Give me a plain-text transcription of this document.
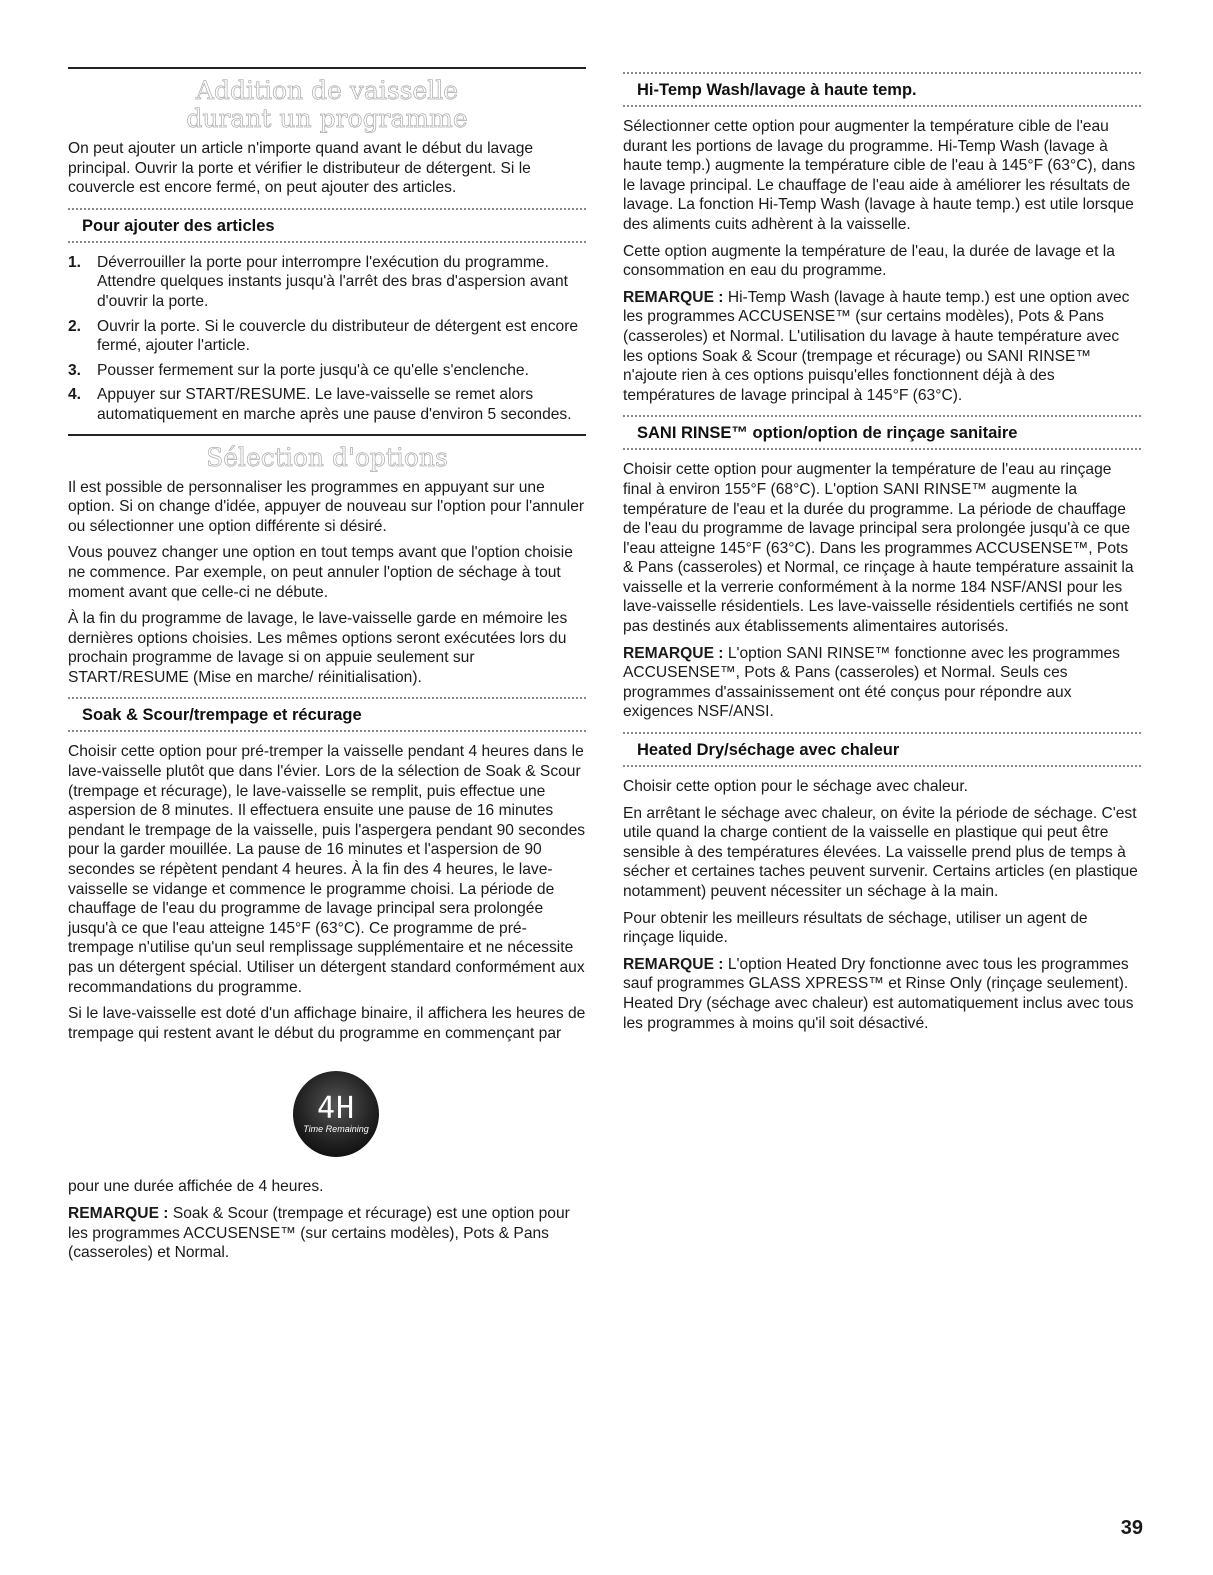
Addition de vaisselle
durant un programme

On peut ajouter un article n'importe quand avant le début du lavage principal. Ouvrir la porte et vérifier le distributeur de détergent. Si le couvercle est encore fermé, on peut ajouter des articles.

Pour ajouter des articles
1.	Déverrouiller la porte pour interrompre l'exécution du programme. Attendre quelques instants jusqu'à l'arrêt des bras d'aspersion avant d'ouvrir la porte.
2.	Ouvrir la porte. Si le couvercle du distributeur de détergent est encore fermé, ajouter l'article.
3.	Pousser fermement sur la porte jusqu'à ce qu'elle s'enclenche.
4.	Appuyer sur START/RESUME. Le lave-vaisselle se remet alors automatiquement en marche après une pause d'environ 5 secondes.
Sélection d'options

Il est possible de personnaliser les programmes en appuyant sur une option. Si on change d'idée, appuyer de nouveau sur l'option pour l'annuler ou sélectionner une option différente si désiré.

Vous pouvez changer une option en tout temps avant que l'option choisie ne commence. Par exemple, on peut annuler l'option de séchage à tout moment avant que celle-ci ne débute.

À la fin du programme de lavage, le lave-vaisselle garde en mémoire les dernières options choisies. Les mêmes options seront exécutées lors du prochain programme de lavage si on appuie seulement sur START/RESUME (Mise en marche/ réinitialisation).

Soak & Scour/trempage et récurage

Choisir cette option pour pré-tremper la vaisselle pendant 4 heures dans le lave-vaisselle plutôt que dans l'évier. Lors de la sélection de Soak & Scour (trempage et récurage), le lave-vaisselle se remplit, puis effectue une aspersion de 8 minutes. Il effectuera ensuite une pause de 16 minutes pendant le trempage de la vaisselle, puis l'aspergera pendant 90 secondes pour la garder mouillée. La pause de 16 minutes et l'aspersion de 90 secondes se répètent pendant 4 heures. À la fin des 4 heures, le lave-vaisselle se vidange et commence le programme choisi. La période de chauffage de l'eau du programme de lavage principal sera prolongée jusqu'à ce que l'eau atteigne 145°F (63°C). Ce programme de pré-trempage n'utilise qu'un seul remplissage supplémentaire et ne nécessite pas un détergent spécial. Utiliser un détergent standard conformément aux recommandations du programme.

Si le lave-vaisselle est doté d'un affichage binaire, il affichera les heures de trempage qui restent avant le début du programme en commençant par

4H
Time Remaining

pour une durée affichée de 4 heures.

REMARQUE : Soak & Scour (trempage et récurage) est une option pour les programmes ACCUSENSE™ (sur certains modèles), Pots & Pans (casseroles) et Normal.

Hi-Temp Wash/lavage à haute temp.

Sélectionner cette option pour augmenter la température cible de l'eau durant les portions de lavage du programme. Hi-Temp Wash (lavage à haute temp.) augmente la température cible de l'eau à 145°F (63°C), dans le lavage principal. Le chauffage de l'eau aide à améliorer les résultats de lavage. La fonction Hi-Temp Wash (lavage à haute temp.) est utile lorsque des aliments cuits adhèrent à la vaisselle.

Cette option augmente la température de l'eau, la durée de lavage et la consommation en eau du programme.

REMARQUE : Hi-Temp Wash (lavage à haute temp.) est une option avec les programmes ACCUSENSE™ (sur certains modèles), Pots & Pans (casseroles) et Normal. L'utilisation du lavage à haute température avec les options Soak & Scour (trempage et récurage) ou SANI RINSE™ n'ajoute rien à ces options puisqu'elles fonctionnent déjà à des températures de lavage principal à 145°F (63°C).

SANI RINSE™ option/option de rinçage sanitaire

Choisir cette option pour augmenter la température de l'eau au rinçage final à environ 155°F (68°C). L'option SANI RINSE™ augmente la température de l'eau et la durée du programme. La période de chauffage de l'eau du programme de lavage principal sera prolongée jusqu'à ce que l'eau atteigne 145°F (63°C). Dans les programmes ACCUSENSE™, Pots & Pans (casseroles) et Normal, ce rinçage à haute température assainit la vaisselle et la verrerie conformément à la norme 184 NSF/ANSI pour les lave-vaisselle résidentiels. Les lave-vaisselle résidentiels certifiés ne sont pas destinés aux établissements alimentaires autorisés.

REMARQUE : L'option SANI RINSE™ fonctionne avec les programmes ACCUSENSE™, Pots & Pans (casseroles) et Normal. Seuls ces programmes d'assainissement ont été conçus pour répondre aux exigences NSF/ANSI.

Heated Dry/séchage avec chaleur

Choisir cette option pour le séchage avec chaleur.

En arrêtant le séchage avec chaleur, on évite la période de séchage. C'est utile quand la charge contient de la vaisselle en plastique qui peut être sensible à des températures élevées. La vaisselle prend plus de temps à sécher et certaines taches peuvent survenir. Certains articles (en plastique notamment) peuvent nécessiter un séchage à la main.

Pour obtenir les meilleurs résultats de séchage, utiliser un agent de rinçage liquide.

REMARQUE : L'option Heated Dry fonctionne avec tous les programmes sauf programmes GLASS XPRESS™ et Rinse Only (rinçage seulement). Heated Dry (séchage avec chaleur) est automatiquement inclus avec tous les programmes à moins qu'il soit désactivé.

39
